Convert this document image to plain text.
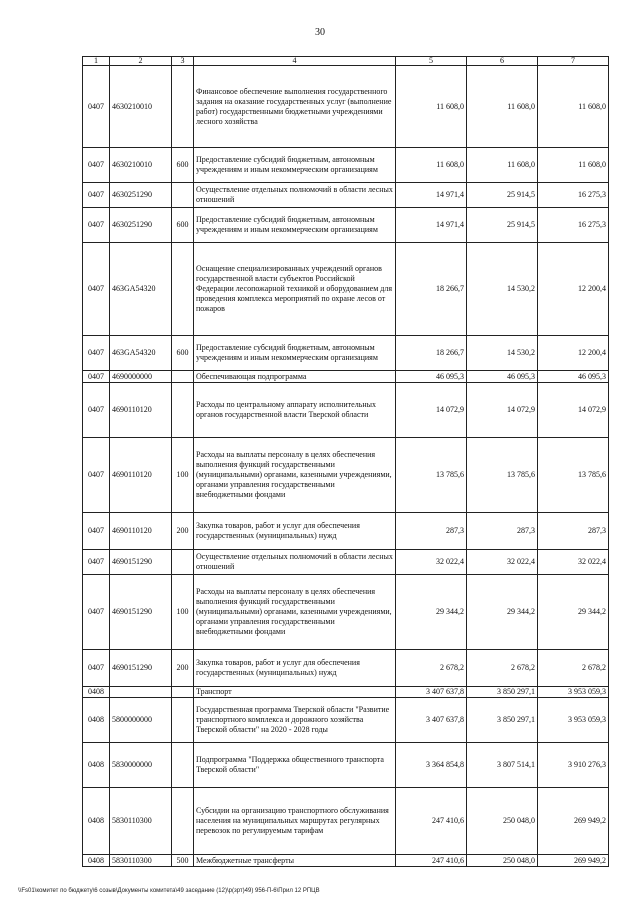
30
1	2	3	4	5	6	7
0407	4630210010		Финансовое обеспечение выполнения государственного задания на оказание государственных услуг (выполнение работ) государственными бюджетными учреждениями лесного хозяйства	11 608,0	11 608,0	11 608,0
0407	4630210010	600	Предоставление субсидий бюджетным, автономным учреждениям и иным некоммерческим организациям	11 608,0	11 608,0	11 608,0
0407	4630251290		Осуществление отдельных полномочий в области лесных отношений	14 971,4	25 914,5	16 275,3
0407	4630251290	600	Предоставление субсидий бюджетным, автономным учреждениям и иным некоммерческим организациям	14 971,4	25 914,5	16 275,3
0407	463GA54320		Оснащение специализированных учреждений органов государственной власти субъектов Российской Федерации лесопожарной техникой и оборудованием для проведения комплекса мероприятий по охране лесов от пожаров	18 266,7	14 530,2	12 200,4
0407	463GA54320	600	Предоставление субсидий бюджетным, автономным учреждениям и иным некоммерческим организациям	18 266,7	14 530,2	12 200,4
0407	4690000000		Обеспечивающая подпрограмма	46 095,3	46 095,3	46 095,3
0407	4690110120		Расходы по центральному аппарату исполнительных органов государственной власти Тверской области	14 072,9	14 072,9	14 072,9
0407	4690110120	100	Расходы на выплаты персоналу в целях обеспечения выполнения функций государственными (муниципальными) органами, казенными учреждениями, органами управления государственными внебюджетными фондами	13 785,6	13 785,6	13 785,6
0407	4690110120	200	Закупка товаров, работ и услуг для обеспечения государственных (муниципальных) нужд	287,3	287,3	287,3
0407	4690151290		Осуществление отдельных полномочий в области лесных отношений	32 022,4	32 022,4	32 022,4
0407	4690151290	100	Расходы на выплаты персоналу в целях обеспечения выполнения функций государственными (муниципальными) органами, казенными учреждениями, органами управления государственными внебюджетными фондами	29 344,2	29 344,2	29 344,2
0407	4690151290	200	Закупка товаров, работ и услуг для обеспечения государственных (муниципальных) нужд	2 678,2	2 678,2	2 678,2
0408			Транспорт	3 407 637,8	3 850 297,1	3 953 059,3
0408	5800000000		Государственная программа Тверской области "Развитие транспортного комплекса и дорожного хозяйства Тверской области" на 2020 - 2028 годы	3 407 637,8	3 850 297,1	3 953 059,3
0408	5830000000		Подпрограмма "Поддержка общественного транспорта Тверской области"	3 364 854,8	3 807 514,1	3 910 276,3
0408	5830110300		Субсидии на организацию транспортного обслуживания населения на муниципальных маршрутах регулярных перевозок по регулируемым тарифам	247 410,6	250 048,0	269 949,2
0408	5830110300	500	Межбюджетные трансферты	247 410,6	250 048,0	269 949,2
\\Fs01\комитет по бюджету\6 созыв\Документы комитета\49 заседание (12)\p(зрт)49) 956-П-6\Прил 12 РПЦВ
